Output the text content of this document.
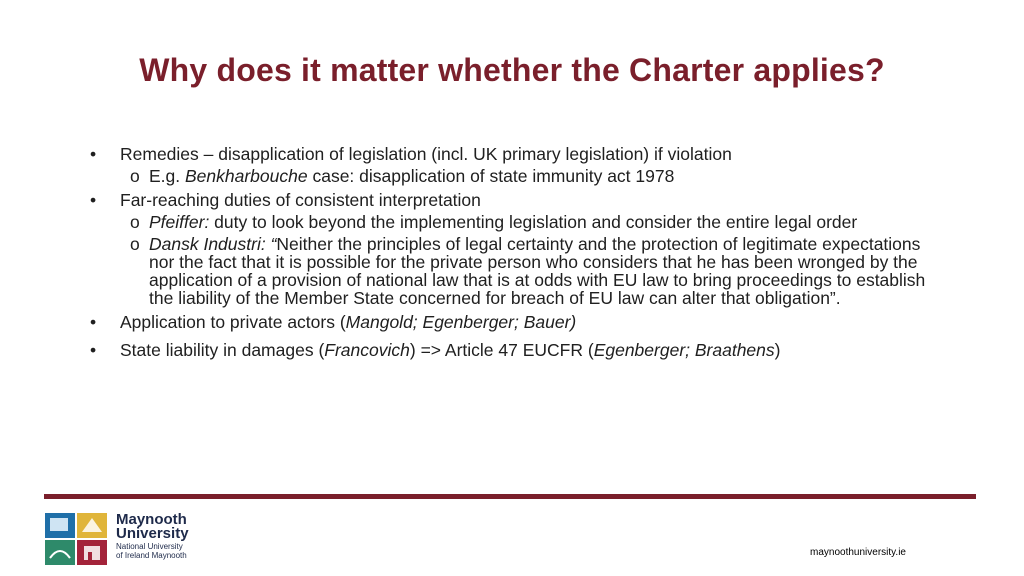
Why does it matter whether the Charter applies?
• Remedies – disapplication of legislation (incl. UK primary legislation) if violation
o E.g. Benkharbouche case: disapplication of state immunity act 1978
• Far-reaching duties of consistent interpretation
o Pfeiffer: duty to look beyond the implementing legislation and consider the entire legal order
o Dansk Industri: “Neither the principles of legal certainty and the protection of legitimate expectations nor the fact that it is possible for the private person who considers that he has been wronged by the application of a provision of national law that is at odds with EU law to bring proceedings to establish the liability of the Member State concerned for breach of EU law can alter that obligation”.
• Application to private actors (Mangold; Egenberger; Bauer)
• State liability in damages (Francovich) => Article 47 EUCFR (Egenberger; Braathens)
Maynooth
University
National University
of Ireland Maynooth	maynoothuniversity.ie
